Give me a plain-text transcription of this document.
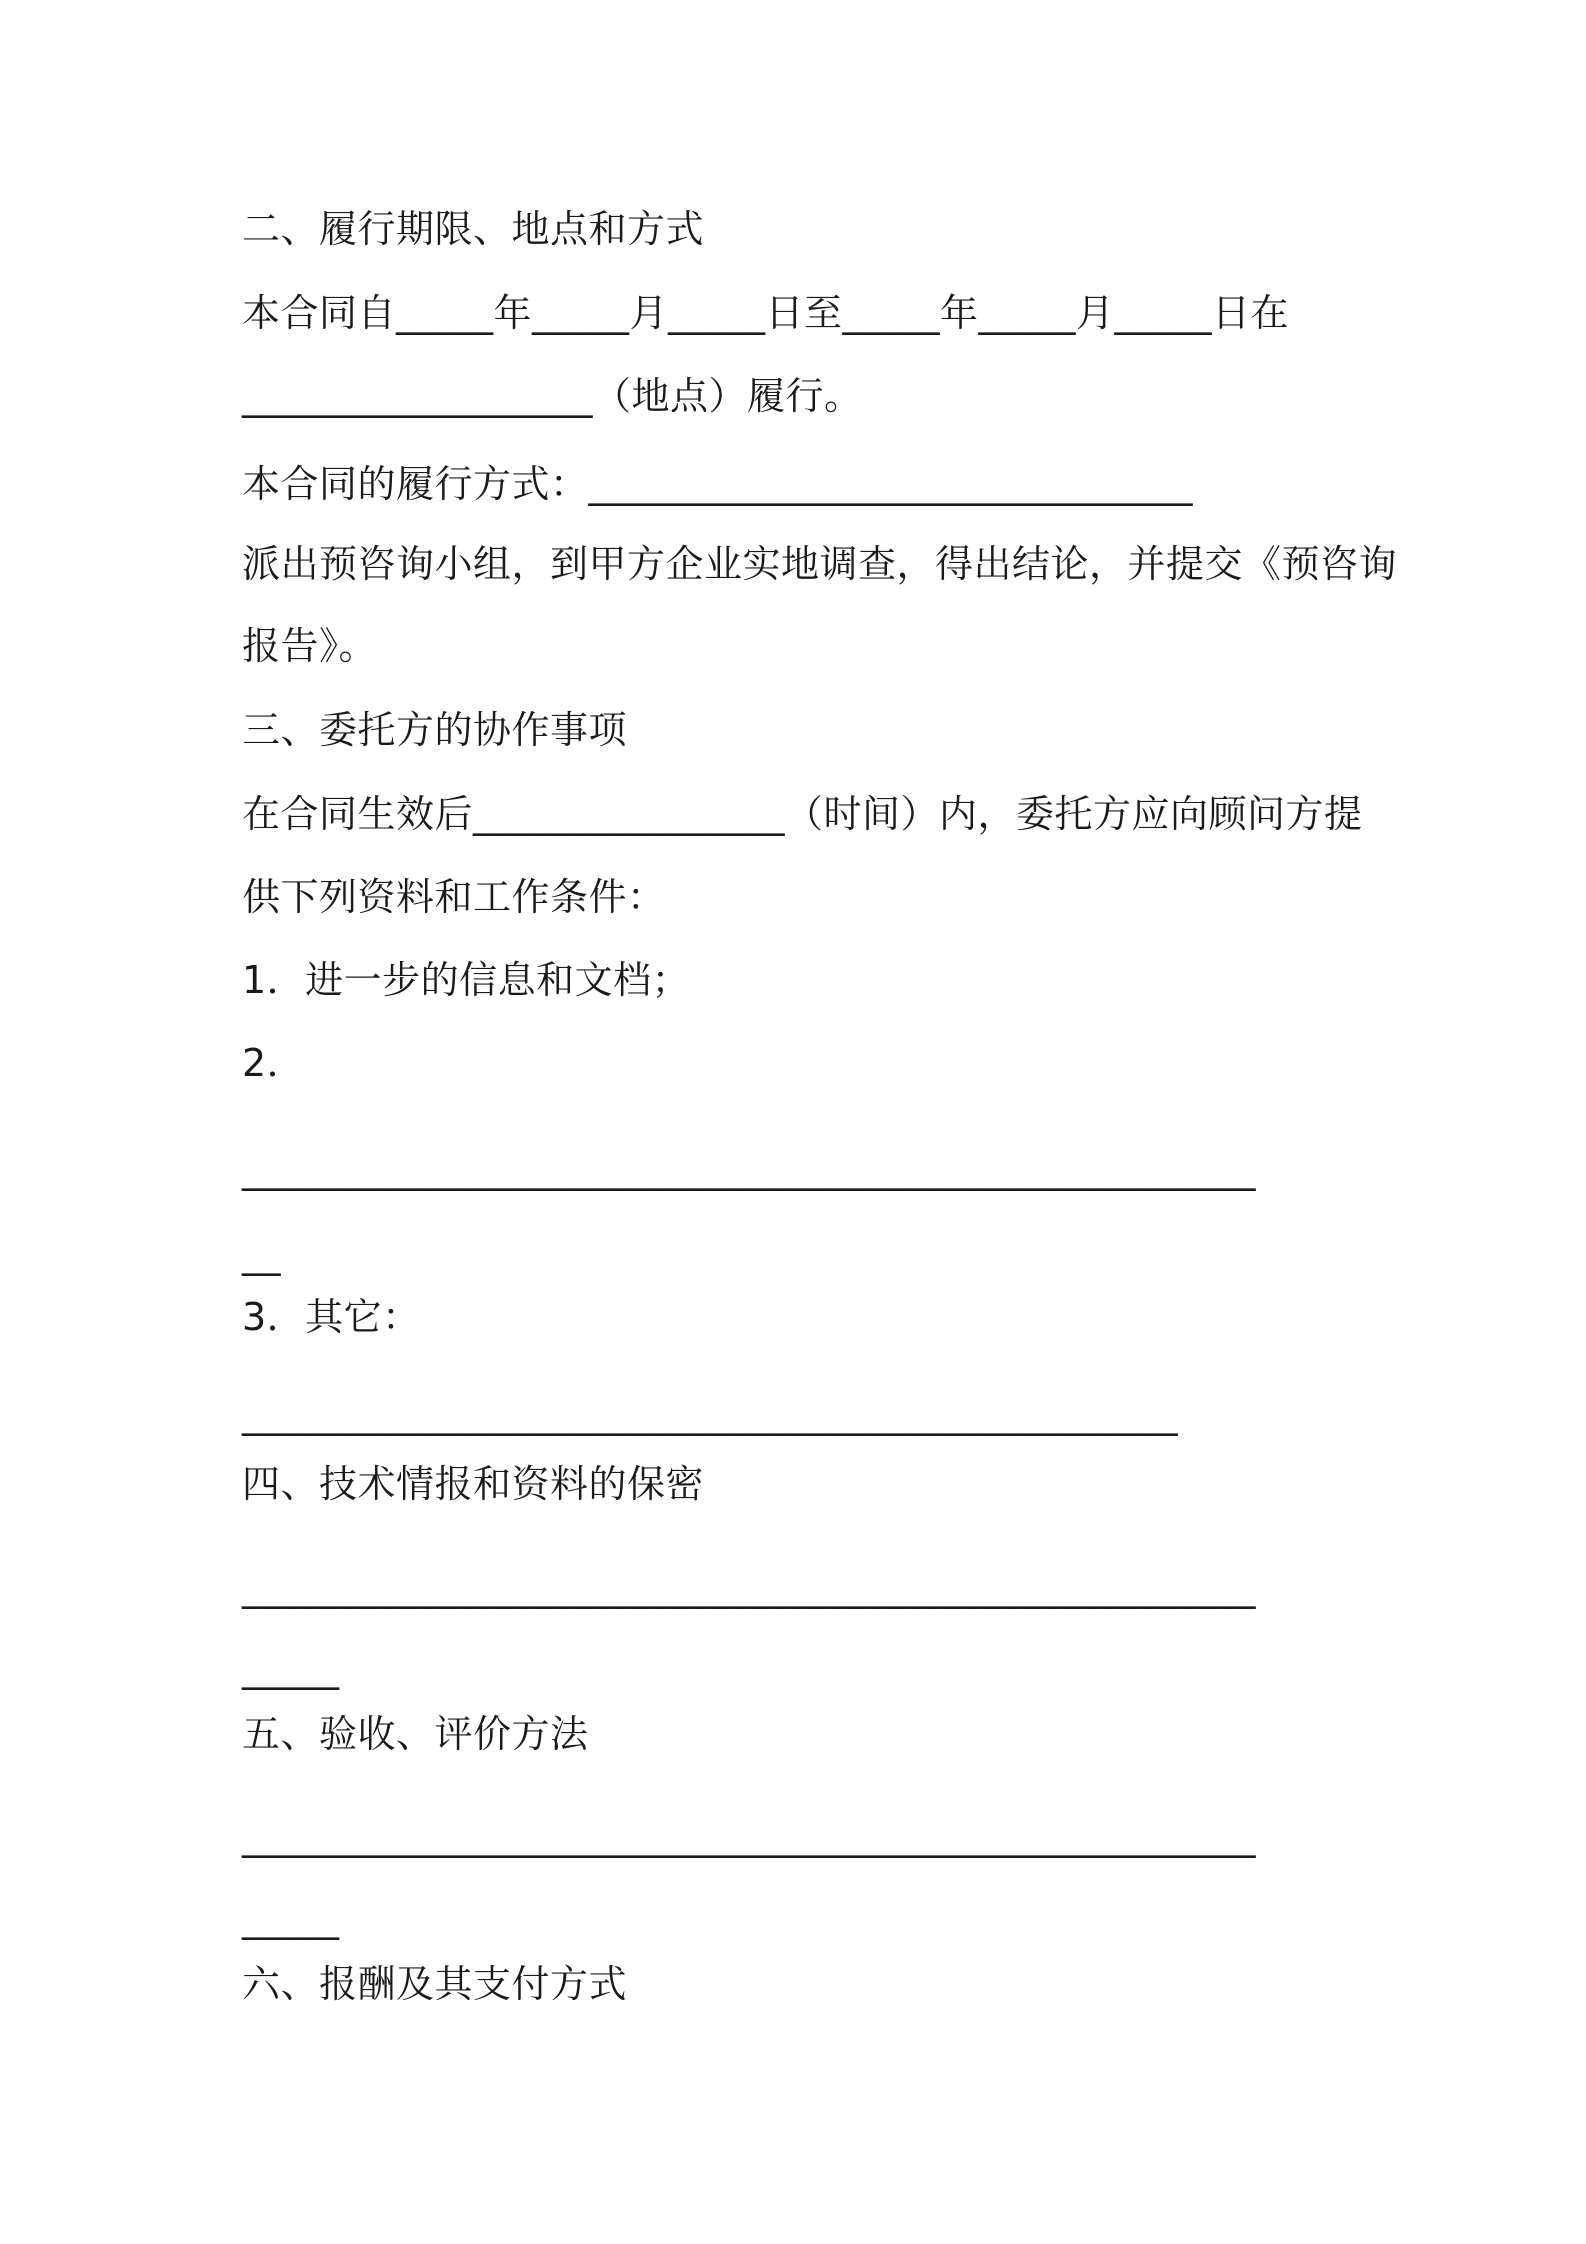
二、履行期限、地点和方式
本合同自_____年_____月_____日至_____年_____月_____日在
__________________（地点）履行。
本合同的履行方式：_______________________________
派出预咨询小组，到甲方企业实地调查，得出结论，并提交《预咨询
报告》。
三、委托方的协作事项
在合同生效后________________（时间）内，委托方应向顾问方提
供下列资料和工作条件：
1．进一步的信息和文档；
2．
____________________________________________________
__
3．其它：
________________________________________________
四、技术情报和资料的保密
____________________________________________________
_____
五、验收、评价方法
____________________________________________________
_____
六、报酬及其支付方式
